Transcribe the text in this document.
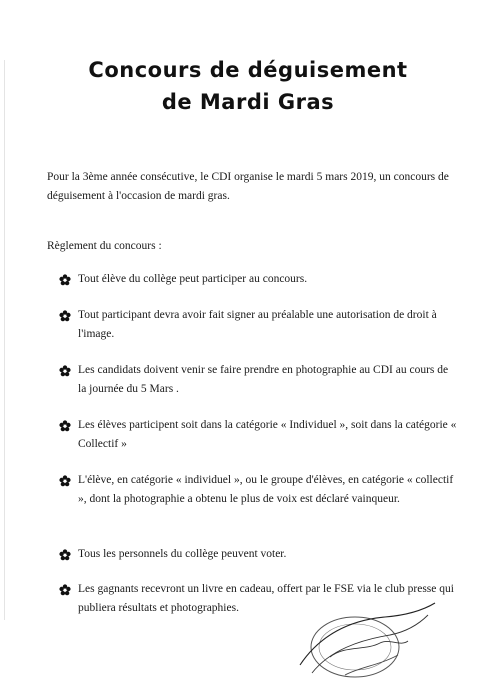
Concours de déguisement
de Mardi Gras
Pour la 3ème année consécutive, le CDI organise le mardi 5 mars 2019, un concours de déguisement à l'occasion de mardi gras.
Règlement du concours :
Tout élève du collège peut participer au concours.
Tout participant devra avoir fait signer au préalable une autorisation de droit à l'image.
Les candidats doivent venir se faire prendre en photographie au CDI au cours de la journée du 5 Mars .
Les élèves participent soit dans la catégorie « Individuel », soit dans la catégorie « Collectif »
L'élève, en catégorie « individuel », ou le groupe d'élèves, en catégorie « collectif », dont la photographie a obtenu le plus de voix est déclaré vainqueur.
Tous les personnels du collège peuvent voter.
Les gagnants recevront un livre en cadeau, offert par le FSE via le club presse qui publiera résultats et photographies.
